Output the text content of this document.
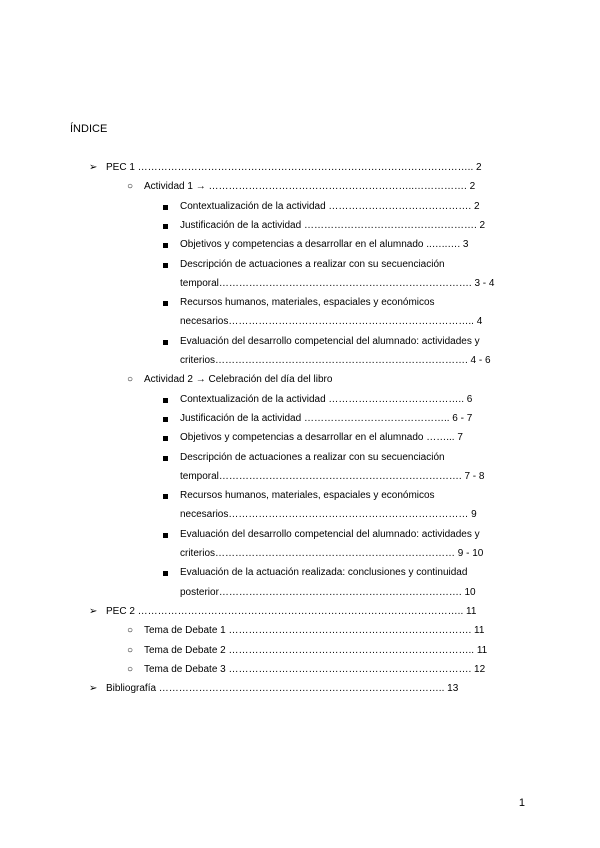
ÍNDICE
➢ PEC 1 ……………………………………………………………………………………….. 2
○ Actividad 1 → ……………………………………………………..……………. 2
Contextualización de la actividad ……………………………………. 2
Justificación de la actividad ……………………………………………. 2
Objetivos y competencias a desarrollar en el alumnado ..…..…. 3
Descripción de actuaciones a realizar con su secuenciación
temporal…………………………………………………………………. 3 - 4
Recursos humanos, materiales, espaciales y económicos
necesarios……………………………………………………………….. 4
Evaluación del desarrollo competencial del alumnado: actividades y
criterios…………………………………………………………………. 4 - 6
○ Actividad 2 → Celebración del día del libro
Contextualización de la actividad ………………………………….. 6
Justificación de la actividad …………………………………….. 6 - 7
Objetivos y competencias a desarrollar en el alumnado ……... 7
Descripción de actuaciones a realizar con su secuenciación
temporal………………………………………………………………. 7 - 8
Recursos humanos, materiales, espaciales y económicos
necesarios……………………………………………………………… 9
Evaluación del desarrollo competencial del alumnado: actividades y
criterios……………………………………………………………… 9 - 10
Evaluación de la actuación realizada: conclusiones y continuidad
posterior………………………………………………………………. 10
➢ PEC 2 …………………………………………………………………………………….. 11
○ Tema de Debate 1 ………………………………………………………………. 11
○ Tema de Debate 2 ……………………………………………………………….. 11
○ Tema de Debate 3 ………………………………………………………………. 12
➢ Bibliografía ………………………………………………………………………….. 13
1
